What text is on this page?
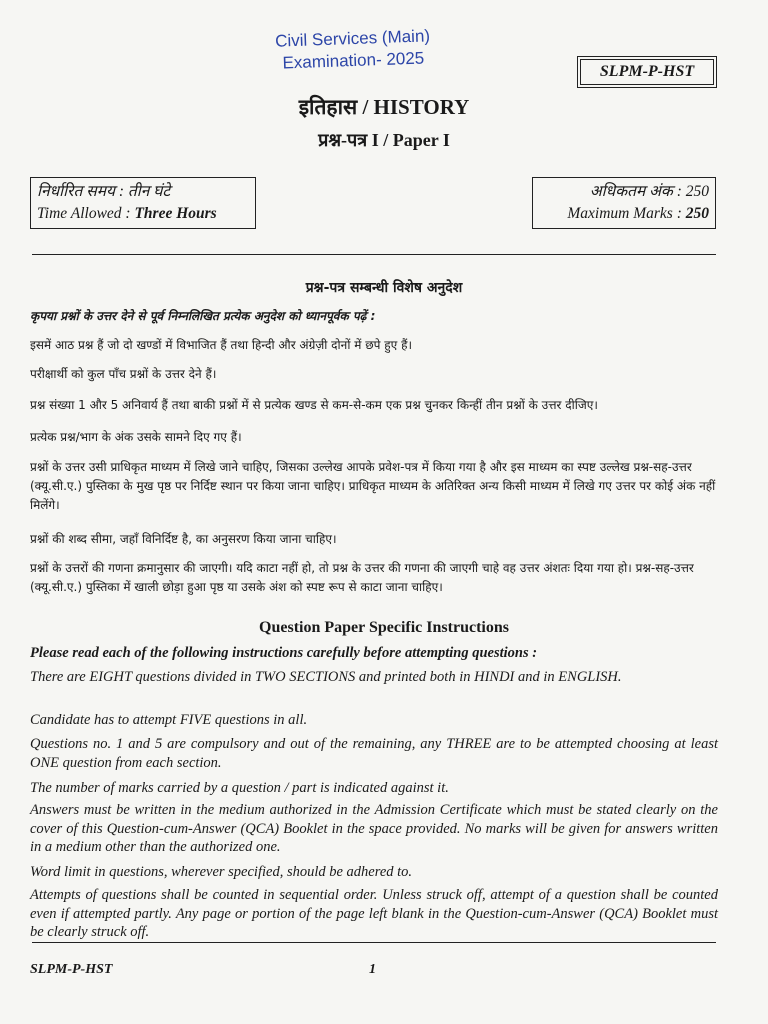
Civil Services (Main)
Examination- 2025	SLPM-P-HST
इतिहास / HISTORY
प्रश्न-पत्र I / Paper I
निर्धारित समय : तीन घंटे
Time Allowed : Three Hours
अधिकतम अंक : 250
Maximum Marks : 250
प्रश्न-पत्र सम्बन्धी विशेष अनुदेश
कृपया प्रश्नों के उत्तर देने से पूर्व निम्नलिखित प्रत्येक अनुदेश को ध्यानपूर्वक पढ़ें :
इसमें आठ प्रश्न हैं जो दो खण्डों में विभाजित हैं तथा हिन्दी और अंग्रेज़ी दोनों में छपे हुए हैं।
परीक्षार्थी को कुल पाँच प्रश्नों के उत्तर देने हैं।
प्रश्न संख्या 1 और 5 अनिवार्य हैं तथा बाकी प्रश्नों में से प्रत्येक खण्ड से कम-से-कम एक प्रश्न चुनकर किन्हीं तीन प्रश्नों के उत्तर दीजिए।
प्रत्येक प्रश्न/भाग के अंक उसके सामने दिए गए हैं।
प्रश्नों के उत्तर उसी प्राधिकृत माध्यम में लिखे जाने चाहिए, जिसका उल्लेख आपके प्रवेश-पत्र में किया गया है और इस माध्यम का स्पष्ट उल्लेख प्रश्न-सह-उत्तर (क्यू.सी.ए.) पुस्तिका के मुख पृष्ठ पर निर्दिष्ट स्थान पर किया जाना चाहिए। प्राधिकृत माध्यम के अतिरिक्त अन्य किसी माध्यम में लिखे गए उत्तर पर कोई अंक नहीं मिलेंगे।
प्रश्नों की शब्द सीमा, जहाँ विनिर्दिष्ट है, का अनुसरण किया जाना चाहिए।
प्रश्नों के उत्तरों की गणना क्रमानुसार की जाएगी। यदि काटा नहीं हो, तो प्रश्न के उत्तर की गणना की जाएगी चाहे वह उत्तर अंशतः दिया गया हो। प्रश्न-सह-उत्तर (क्यू.सी.ए.) पुस्तिका में खाली छोड़ा हुआ पृष्ठ या उसके अंश को स्पष्ट रूप से काटा जाना चाहिए।
Question Paper Specific Instructions
Please read each of the following instructions carefully before attempting questions :
There are EIGHT questions divided in TWO SECTIONS and printed both in HINDI and in ENGLISH.
Candidate has to attempt FIVE questions in all.
Questions no. 1 and 5 are compulsory and out of the remaining, any THREE are to be attempted choosing at least ONE question from each section.
The number of marks carried by a question / part is indicated against it.
Answers must be written in the medium authorized in the Admission Certificate which must be stated clearly on the cover of this Question-cum-Answer (QCA) Booklet in the space provided. No marks will be given for answers written in a medium other than the authorized one.
Word limit in questions, wherever specified, should be adhered to.
Attempts of questions shall be counted in sequential order. Unless struck off, attempt of a question shall be counted even if attempted partly. Any page or portion of the page left blank in the Question-cum-Answer (QCA) Booklet must be clearly struck off.
SLPM-P-HST	1
